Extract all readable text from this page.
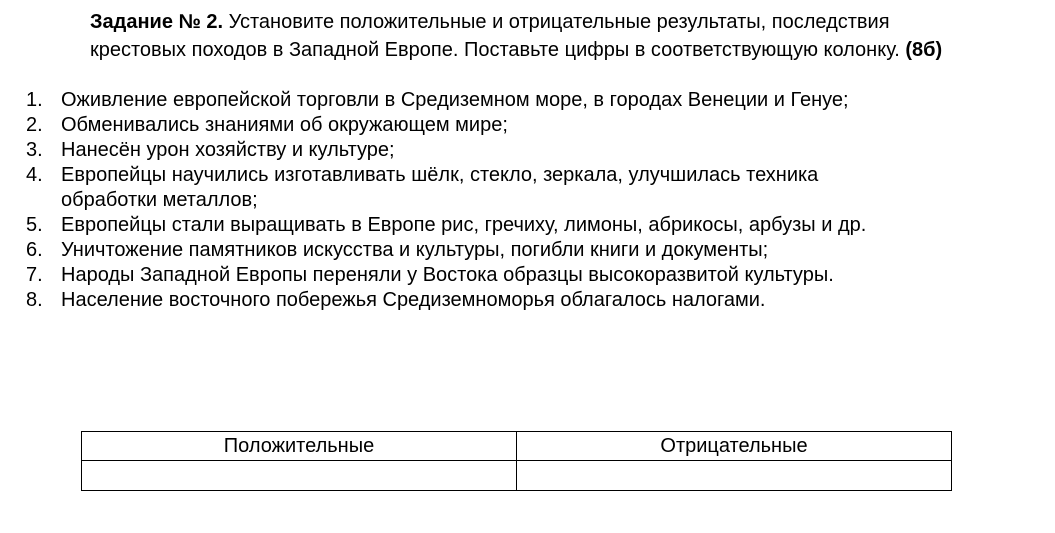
Задание № 2. Установите положительные и отрицательные результаты, последствия крестовых походов в Западной Европе. Поставьте цифры в соответствующую колонку. (8б)

1. Оживление европейской торговли в Средиземном море, в городах Венеции и Генуе;
2. Обменивались знаниями об окружающем мире;
3. Нанесён урон хозяйству и культуре;
4. Европейцы научились изготавливать шёлк, стекло, зеркала, улучшилась техника обработки металлов;
5. Европейцы стали выращивать в Европе рис, гречиху, лимоны, абрикосы, арбузы и др.
6. Уничтожение памятников искусства и культуры, погибли книги и документы;
7. Народы Западной Европы переняли у Востока образцы высокоразвитой культуры.
8. Население восточного побережья Средиземноморья облагалось налогами.
Положительные	Отрицательные
